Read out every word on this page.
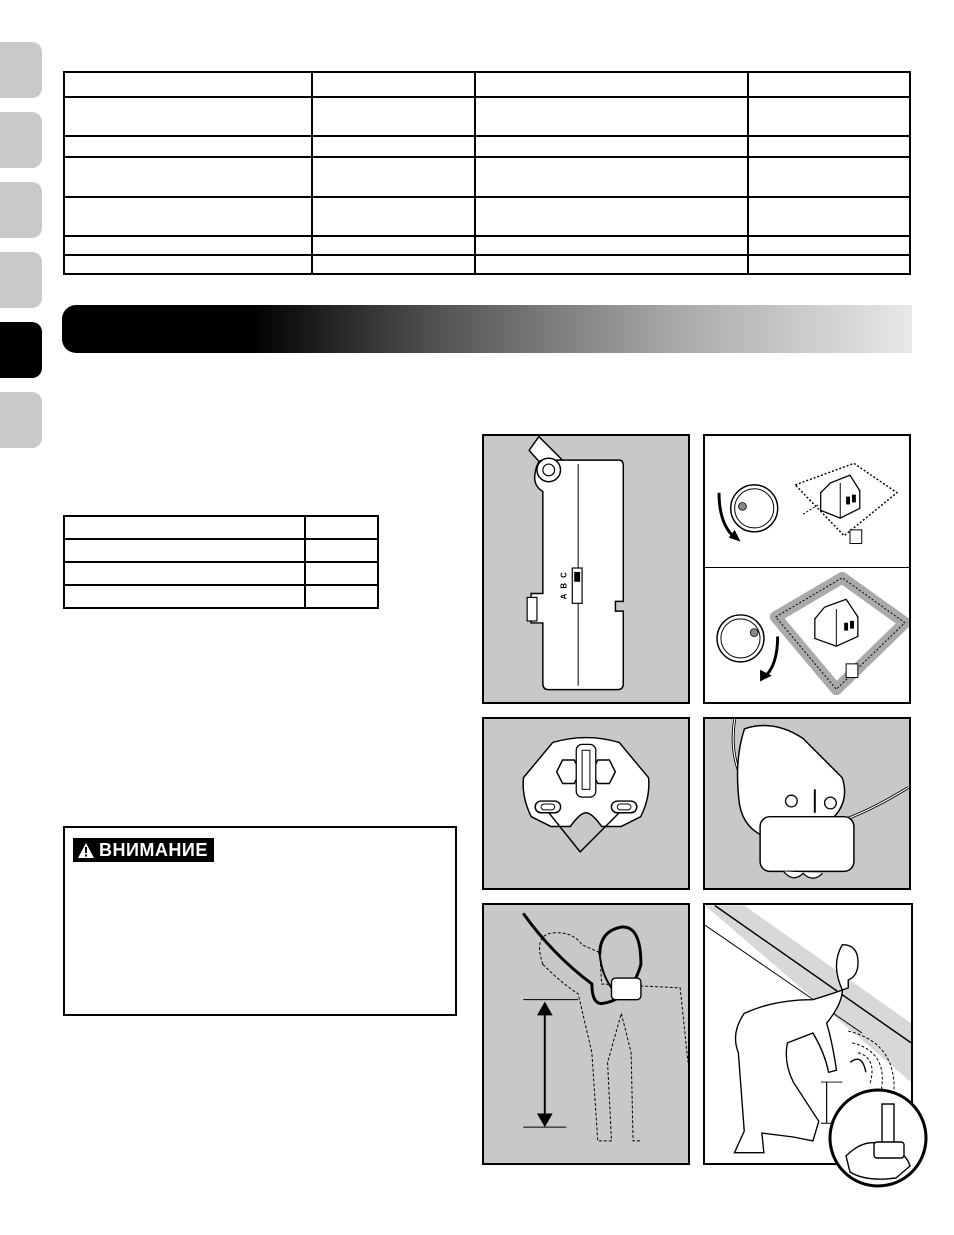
ВНИМАНИЕ
A
B
C
